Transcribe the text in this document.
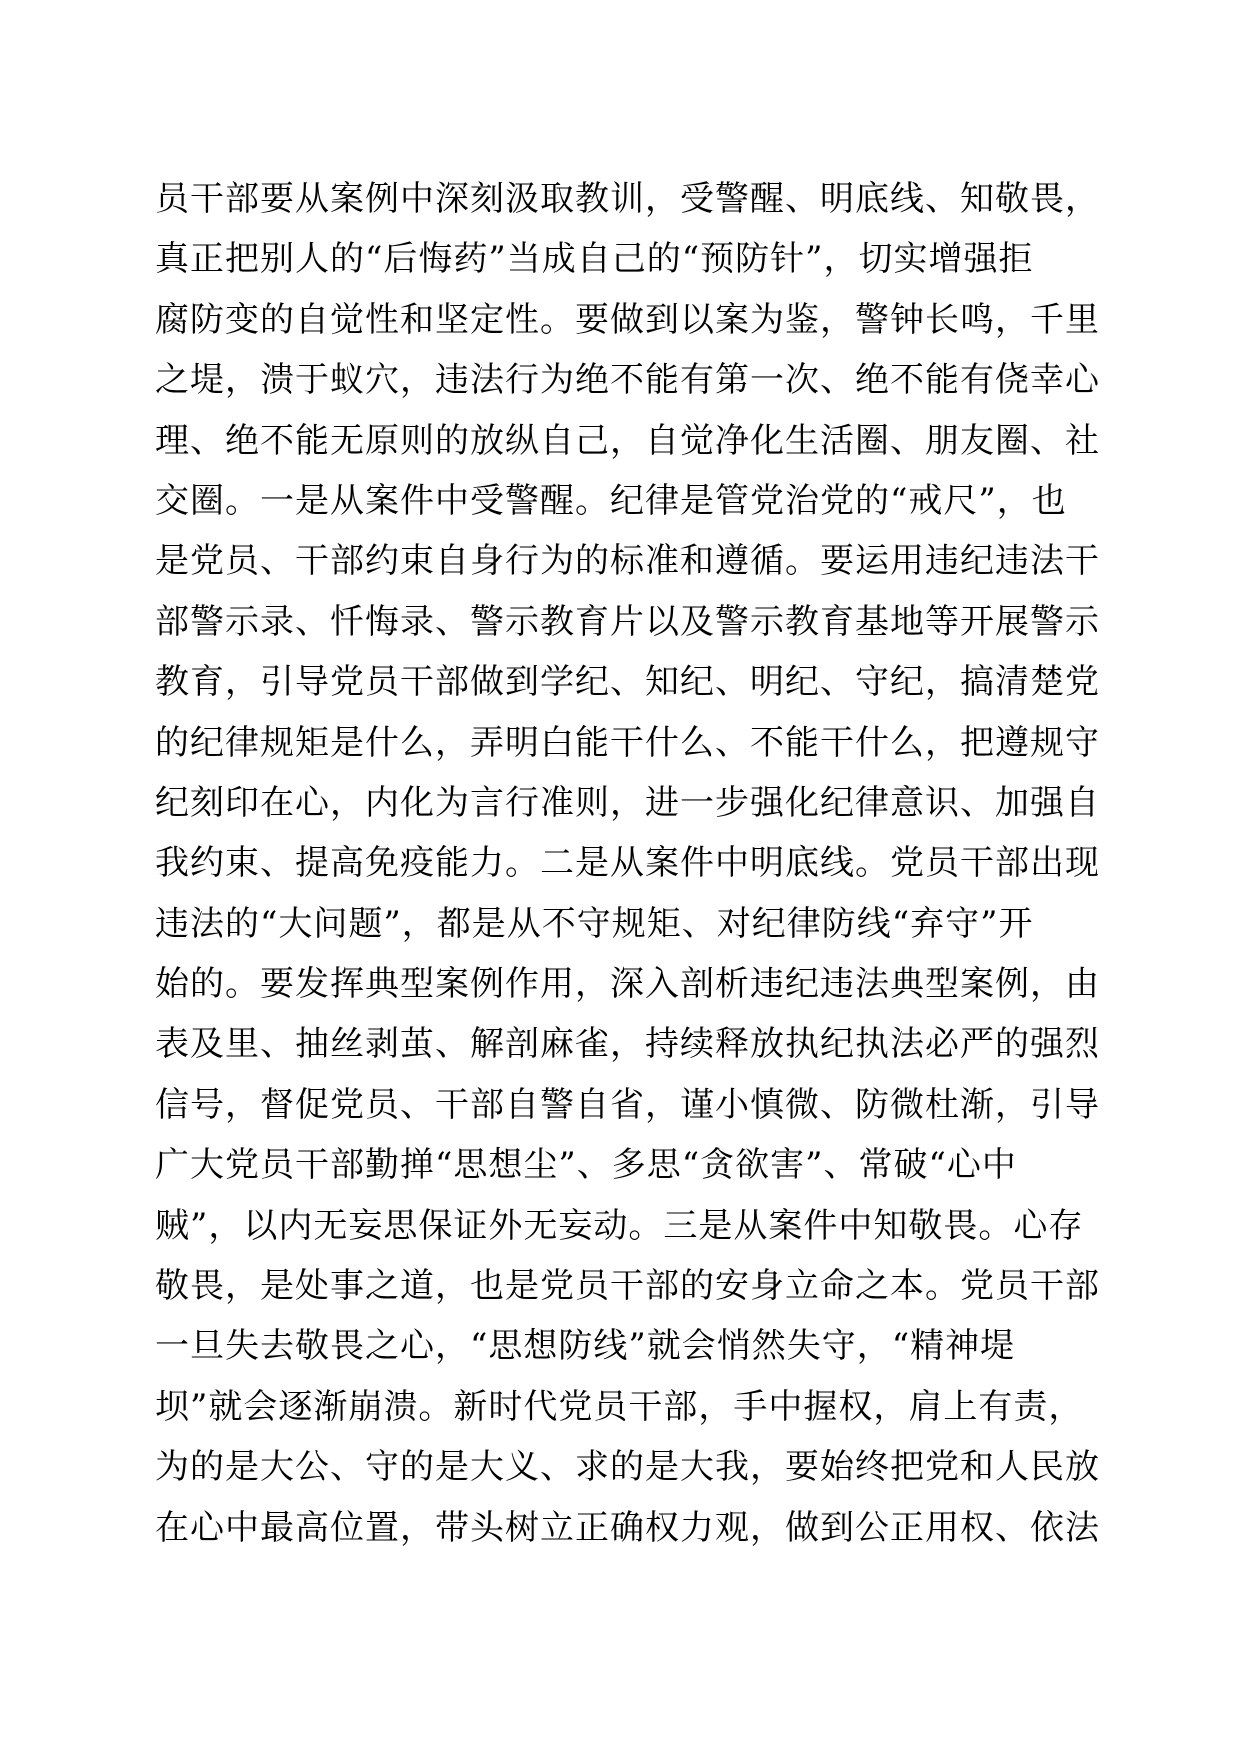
员干部要从案例中深刻汲取教训，受警醒、明底线、知敬畏，
真正把别人的“后悔药”当成自己的“预防针”，切实增强拒
腐防变的自觉性和坚定性。要做到以案为鉴，警钟长鸣，千里
之堤，溃于蚁穴，违法行为绝不能有第一次、绝不能有侥幸心
理、绝不能无原则的放纵自己，自觉净化生活圈、朋友圈、社
交圈。一是从案件中受警醒。纪律是管党治党的“戒尺”，也
是党员、干部约束自身行为的标准和遵循。要运用违纪违法干
部警示录、忏悔录、警示教育片以及警示教育基地等开展警示
教育，引导党员干部做到学纪、知纪、明纪、守纪，搞清楚党
的纪律规矩是什么，弄明白能干什么、不能干什么，把遵规守
纪刻印在心，内化为言行准则，进一步强化纪律意识、加强自
我约束、提高免疫能力。二是从案件中明底线。党员干部出现
违法的“大问题”，都是从不守规矩、对纪律防线“弃守”开
始的。要发挥典型案例作用，深入剖析违纪违法典型案例，由
表及里、抽丝剥茧、解剖麻雀，持续释放执纪执法必严的强烈
信号，督促党员、干部自警自省，谨小慎微、防微杜渐，引导
广大党员干部勤掸“思想尘”、多思“贪欲害”、常破“心中
贼”，以内无妄思保证外无妄动。三是从案件中知敬畏。心存
敬畏，是处事之道，也是党员干部的安身立命之本。党员干部
一旦失去敬畏之心，“思想防线”就会悄然失守，“精神堤
坝”就会逐渐崩溃。新时代党员干部，手中握权，肩上有责，
为的是大公、守的是大义、求的是大我，要始终把党和人民放
在心中最高位置，带头树立正确权力观，做到公正用权、依法
